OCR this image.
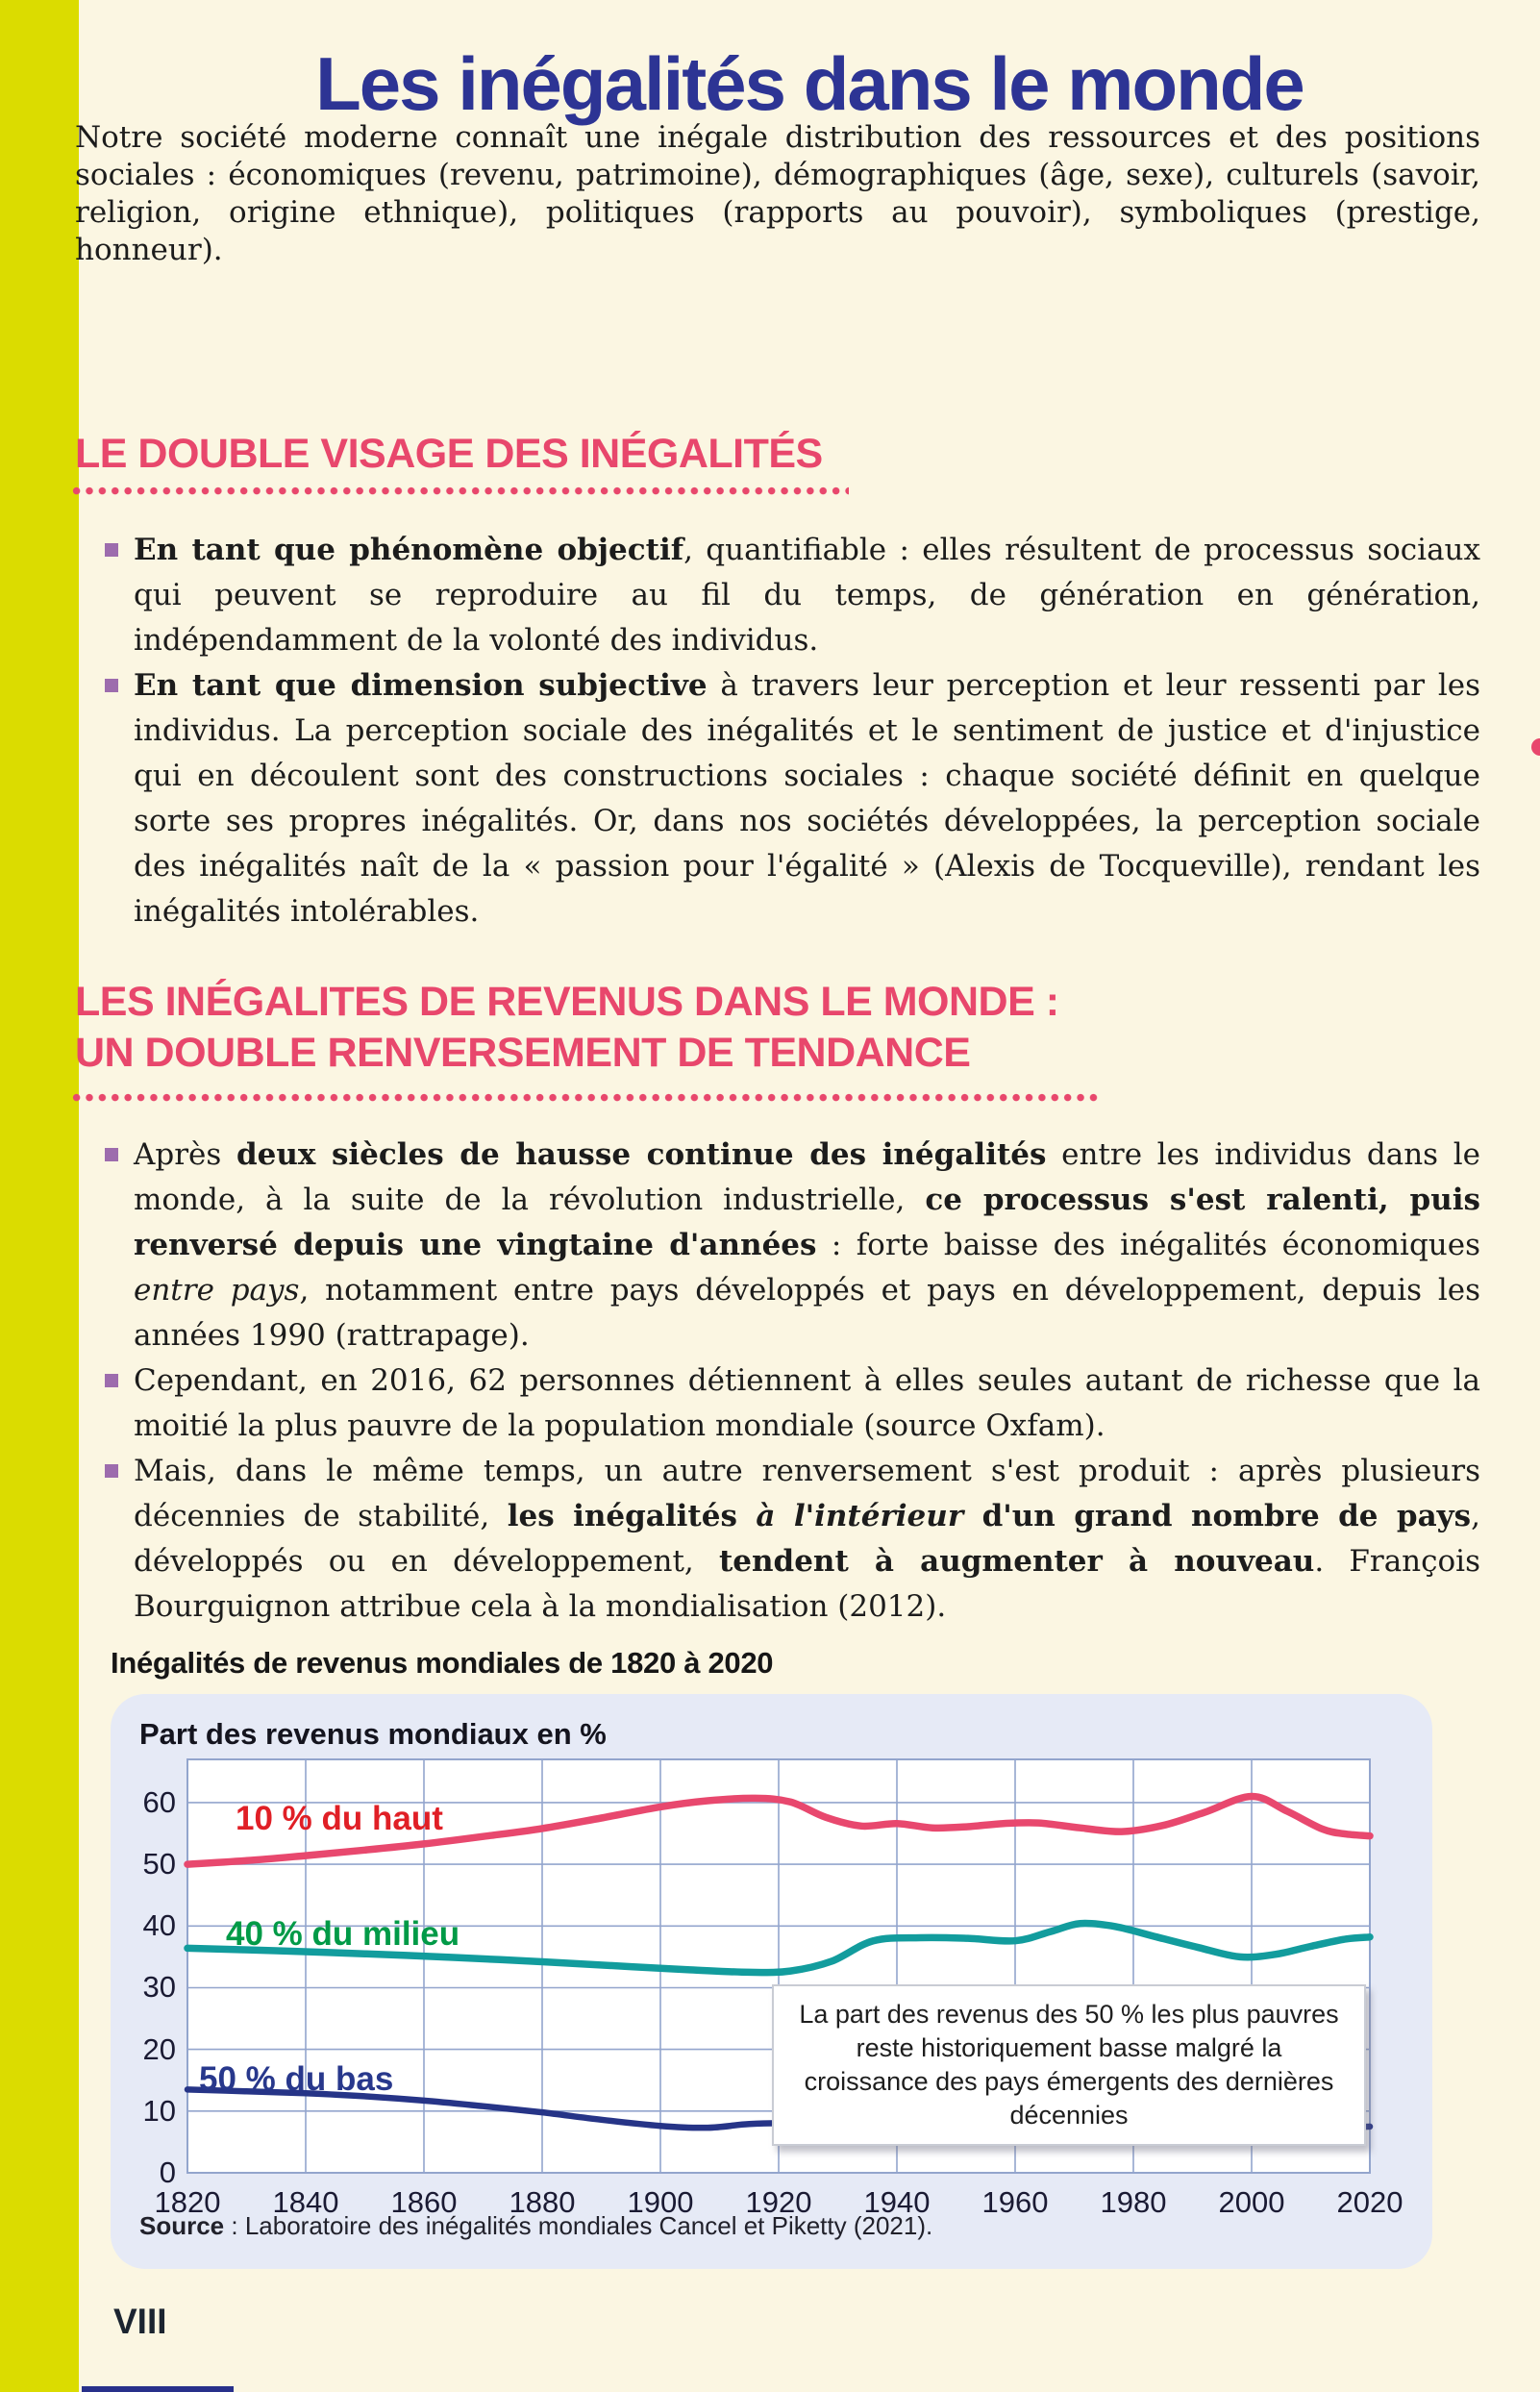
Les inégalités dans le monde

Notre société moderne connaît une inégale distribution des ressources et des positions sociales : économiques (revenu, patrimoine), démographiques (âge, sexe), culturels (savoir, religion, origine ethnique), politiques (rapports au pouvoir), symboliques (prestige, honneur).

LE DOUBLE VISAGE DES INÉGALITÉS
En tant que phénomène objectif, quantifiable : elles résultent de processus sociaux qui peuvent se reproduire au fil du temps, de génération en génération, indépendamment de la volonté des individus.
En tant que dimension subjective à travers leur perception et leur ressenti par les individus. La perception sociale des inégalités et le sentiment de justice et d'injustice qui en découlent sont des constructions sociales : chaque société définit en quelque sorte ses propres inégalités. Or, dans nos sociétés développées, la perception sociale des inégalités naît de la « passion pour l'égalité » (Alexis de Tocqueville), rendant les inégalités intolérables.
LES INÉGALITES DE REVENUS DANS LE MONDE :
UN DOUBLE RENVERSEMENT DE TENDANCE
Après deux siècles de hausse continue des inégalités entre les individus dans le monde, à la suite de la révolution industrielle, ce processus s'est ralenti, puis renversé depuis une vingtaine d'années : forte baisse des inégalités économiques entre pays, notamment entre pays développés et pays en développement, depuis les années 1990 (rattrapage).
Cependant, en 2016, 62 personnes détiennent à elles seules autant de richesse que la moitié la plus pauvre de la population mondiale (source Oxfam).
Mais, dans le même temps, un autre renversement s'est produit : après plusieurs décennies de stabilité, les inégalités à l'intérieur d'un grand nombre de pays, développés ou en développement, tendent à augmenter à nouveau. François Bourguignon attribue cela à la mondialisation (2012).
Inégalités de revenus mondiales de 1820 à 2020
Part des revenus mondiaux en %
1820	1840	1860	1880	1900	1920	1940	1960	1980	2000	2020
0
10
20
30
40
50
60 10 % du haut
40 % du milieu
50 % du bas
La part des revenus des 50 % les plus pauvres reste historiquement basse malgré la croissance des pays émergents des dernières décennies
Source : Laboratoire des inégalités mondiales Cancel et Piketty (2021).
VIII
